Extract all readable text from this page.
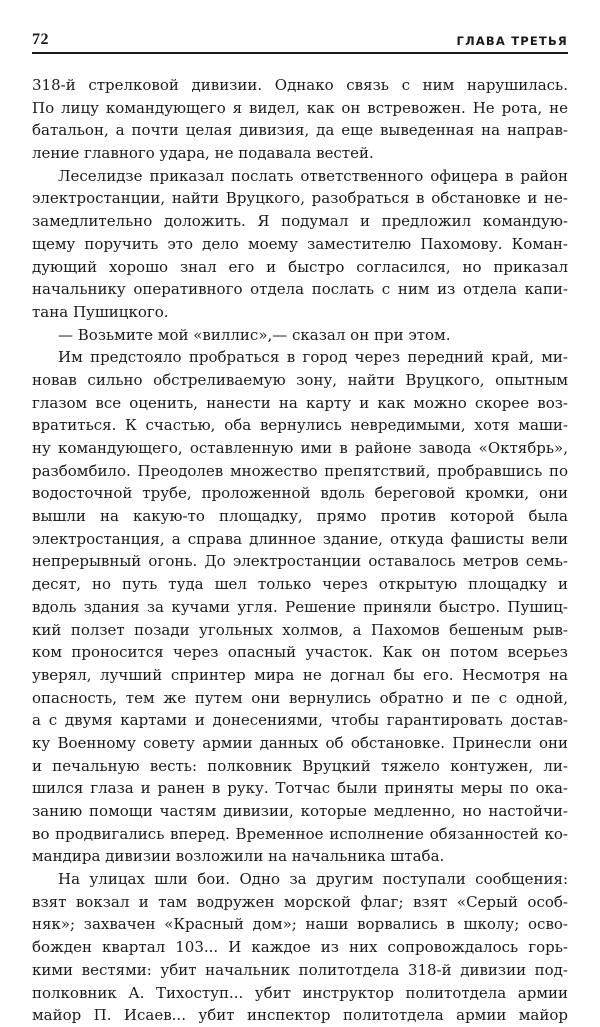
72	ГЛАВА ТРЕТЬЯ
318-й стрелковой дивизии. Однако связь с ним нарушилась.
По лицу командующего я видел, как он встревожен. Не рота, не
батальон, а почти целая дивизия, да еще выведенная на направ-
ление главного удара, не подавала вестей.
Леселидзе приказал послать ответственного офицера в район
электростанции, найти Вруцкого, разобраться в обстановке и не-
замедлительно доложить. Я подумал и предложил командую-
щему поручить это дело моему заместителю Пахомову. Коман-
дующий хорошо знал его и быстро согласился, но приказал
начальнику оперативного отдела послать с ним из отдела капи-
тана Пушицкого.
— Возьмите мой «виллис»,— сказал он при этом.
Им предстояло пробраться в город через передний край, ми-
новав сильно обстреливаемую зону, найти Вруцкого, опытным
глазом все оценить, нанести на карту и как можно скорее воз-
вратиться. К счастью, оба вернулись невредимыми, хотя маши-
ну командующего, оставленную ими в районе завода «Октябрь»,
разбомбило. Преодолев множество препятствий, пробравшись по
водосточной трубе, проложенной вдоль береговой кромки, они
вышли на какую-то площадку, прямо против которой была
электростанция, а справа длинное здание, откуда фашисты вели
непрерывный огонь. До электростанции оставалось метров семь-
десят, но путь туда шел только через открытую площадку и
вдоль здания за кучами угля. Решение приняли быстро. Пушиц-
кий ползет позади угольных холмов, а Пахомов бешеным рыв-
ком проносится через опасный участок. Как он потом всерьез
уверял, лучший спринтер мира не догнал бы его. Несмотря на
опасность, тем же путем они вернулись обратно и пе с одной,
а с двумя картами и донесениями, чтобы гарантировать достав-
ку Военному совету армии данных об обстановке. Принесли они
и печальную весть: полковник Вруцкий тяжело контужен, ли-
шился глаза и ранен в руку. Тотчас были приняты меры по ока-
занию помощи частям дивизии, которые медленно, но настойчи-
во продвигались вперед. Временное исполнение обязанностей ко-
мандира дивизии возложили на начальника штаба.
На улицах шли бои. Одно за другим поступали сообщения:
взят вокзал и там водружен морской флаг; взят «Серый особ-
няк»; захвачен «Красный дом»; наши ворвались в школу; осво-
божден квартал 103... И каждое из них сопровождалось горь-
кими вестями: убит начальник политотдела 318-й дивизии под-
полковник А. Тихоступ... убит инструктор политотдела армии
майор П. Исаев... убит инспектор политотдела армии майор
